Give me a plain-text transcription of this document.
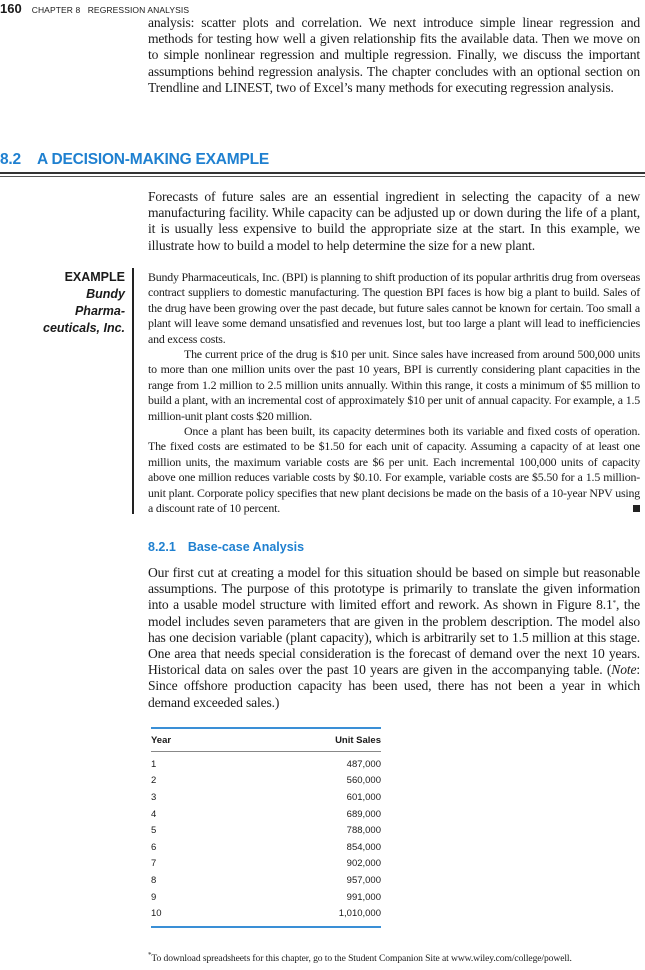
160 CHAPTER 8   REGRESSION ANALYSIS

analysis: scatter plots and correlation. We next introduce simple linear regression and methods for testing how well a given relationship fits the available data. Then we move on to simple nonlinear regression and multiple regression. Finally, we discuss the important assumptions behind regression analysis. The chapter concludes with an optional section on Trendline and LINEST, two of Excel’s many methods for executing regression analysis.

8.2 A DECISION-MAKING EXAMPLE

Forecasts of future sales are an essential ingredient in selecting the capacity of a new manufacturing facility. While capacity can be adjusted up or down during the life of a plant, it is usually less expensive to build the appropriate size at the start. In this example, we illustrate how to build a model to help determine the size for a new plant.

EXAMPLE
Bundy
Pharma-
ceuticals, Inc.

Bundy Pharmaceuticals, Inc. (BPI) is planning to shift production of its popular arthritis drug from overseas contract suppliers to domestic manufacturing. The question BPI faces is how big a plant to build. Sales of the drug have been growing over the past decade, but future sales cannot be known for certain. Too small a plant will leave some demand unsatisfied and revenues lost, but too large a plant will lead to inefficiencies and excess costs.

The current price of the drug is $10 per unit. Since sales have increased from around 500,000 units to more than one million units over the past 10 years, BPI is currently considering plant capacities in the range from 1.2 million to 2.5 million units annually. Within this range, it costs a minimum of $5 million to build a plant, with an incremental cost of approximately $10 per unit of annual capacity. For example, a 1.5 million-unit plant costs $20 million.

Once a plant has been built, its capacity determines both its variable and fixed costs of operation. The fixed costs are estimated to be $1.50 for each unit of capacity. Assuming a capacity of at least one million units, the maximum variable costs are $6 per unit. Each incremental 100,000 units of capacity above one million reduces variable costs by $0.10. For example, variable costs are $5.50 for a 1.5 million-unit plant. Corporate policy specifies that new plant decisions be made on the basis of a 10-year NPV using a discount rate of 10 percent.

8.2.1 Base-case Analysis

Our first cut at creating a model for this situation should be based on simple but reasonable assumptions. The purpose of this prototype is primarily to translate the given information into a usable model structure with limited effort and rework. As shown in Figure 8.1*, the model includes seven parameters that are given in the problem description. The model also has one decision variable (plant capacity), which is arbitrarily set to 1.5 million at this stage. One area that needs special consideration is the forecast of demand over the next 10 years. Historical data on sales over the past 10 years are given in the accompanying table. (Note: Since offshore production capacity has been used, there has not been a year in which demand exceeded sales.)

Year	Unit Sales
1	487,000
2	560,000
3	601,000
4	689,000
5	788,000
6	854,000
7	902,000
8	957,000
9	991,000
10	1,010,000
*To download spreadsheets for this chapter, go to the Student Companion Site at www.wiley.com/college/powell.
